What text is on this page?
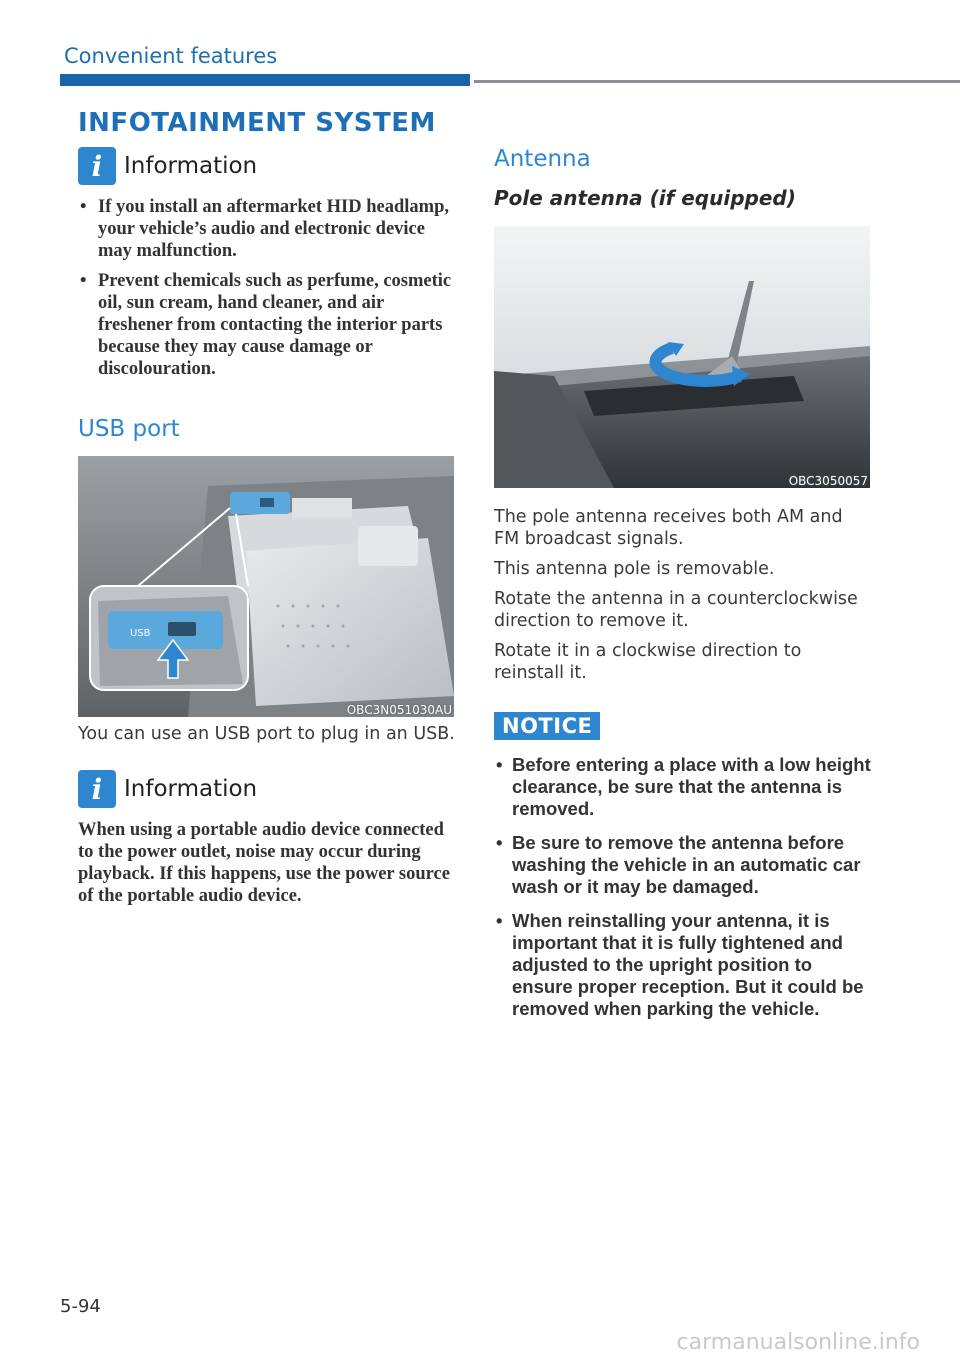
Convenient features
INFOTAINMENT SYSTEM
i Information
• If you install an aftermarket HID headlamp, your vehicle’s audio and electronic device may malfunction.
• Prevent chemicals such as perfume, cosmetic oil, sun cream, hand cleaner, and air freshener from contacting the interior parts because they may cause damage or discolouration.
USB port
USB
OBC3N051030AU

You can use an USB port to plug in an USB.

i Information
When using a portable audio device connected to the power outlet, noise may occur during playback. If this happens, use the power source of the portable audio device.
Antenna
Pole antenna (if equipped)
OBC3050057

The pole antenna receives both AM and FM broadcast signals.

This antenna pole is removable.

Rotate the antenna in a counterclockwise direction to remove it.

Rotate it in a clockwise direction to reinstall it.

NOTICE
• Before entering a place with a low height clearance, be sure that the antenna is removed.
• Be sure to remove the antenna before washing the vehicle in an automatic car wash or it may be damaged.
• When reinstalling your antenna, it is important that it is fully tightened and adjusted to the upright position to ensure proper reception. But it could be removed when parking the vehicle.
5-94
carmanualsonline.info
